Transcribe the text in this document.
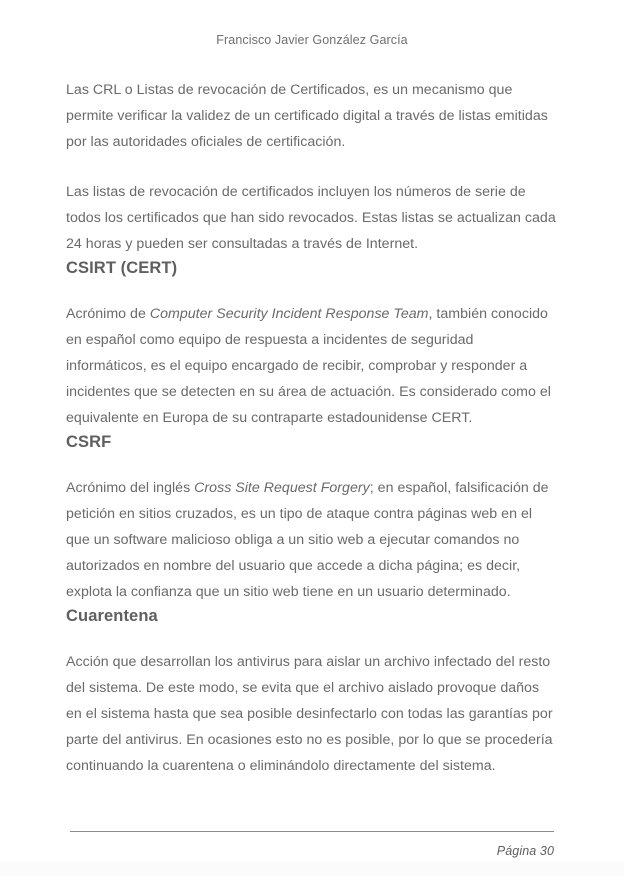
Francisco Javier González García

Las CRL o Listas de revocación de Certificados, es un mecanismo que permite verificar la validez de un certificado digital a través de listas emitidas por las autoridades oficiales de certificación.

Las listas de revocación de certificados incluyen los números de serie de todos los certificados que han sido revocados. Estas listas se actualizan cada 24 horas y pueden ser consultadas a través de Internet.

CSIRT (CERT)

Acrónimo de Computer Security Incident Response Team, también conocido en español como equipo de respuesta a incidentes de seguridad informáticos, es el equipo encargado de recibir, comprobar y responder a incidentes que se detecten en su área de actuación. Es considerado como el equivalente en Europa de su contraparte estadounidense CERT.

CSRF

Acrónimo del inglés Cross Site Request Forgery; en español, falsificación de petición en sitios cruzados, es un tipo de ataque contra páginas web en el que un software malicioso obliga a un sitio web a ejecutar comandos no autorizados en nombre del usuario que accede a dicha página; es decir, explota la confianza que un sitio web tiene en un usuario determinado.

Cuarentena

Acción que desarrollan los antivirus para aislar un archivo infectado del resto del sistema. De este modo, se evita que el archivo aislado provoque daños en el sistema hasta que sea posible desinfectarlo con todas las garantías por parte del antivirus. En ocasiones esto no es posible, por lo que se procedería continuando la cuarentena o eliminándolo directamente del sistema.

Página 30
